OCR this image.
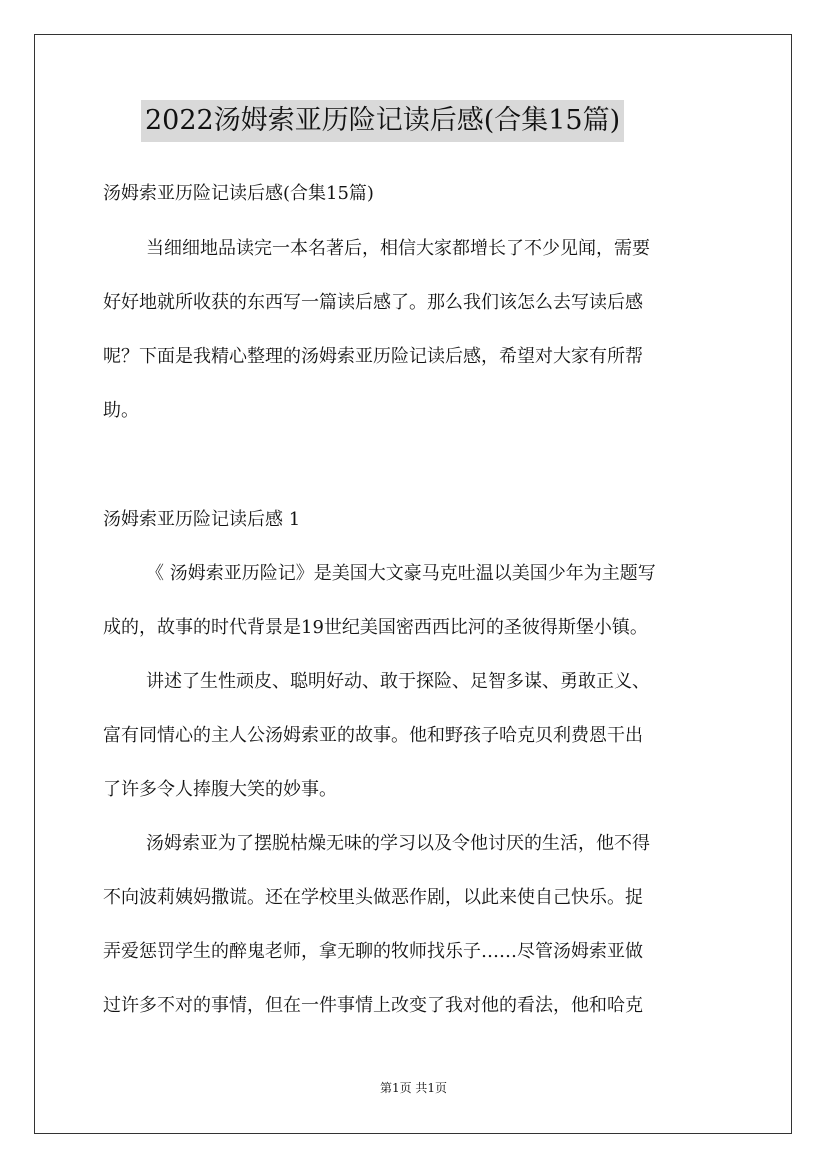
2022汤姆索亚历险记读后感(合集15篇)
汤姆索亚历险记读后感(合集15篇)
当细细地品读完一本名著后，相信大家都增长了不少见闻，需要
好好地就所收获的东西写一篇读后感了。那么我们该怎么去写读后感
呢？下面是我精心整理的汤姆索亚历险记读后感，希望对大家有所帮
助。
汤姆索亚历险记读后感 1
《 汤姆索亚历险记》是美国大文豪马克吐温以美国少年为主题写
成的，故事的时代背景是19世纪美国密西西比河的圣彼得斯堡小镇。
讲述了生性顽皮、聪明好动、敢于探险、足智多谋、勇敢正义、
富有同情心的主人公汤姆索亚的故事。他和野孩子哈克贝利费恩干出
了许多令人捧腹大笑的妙事。
汤姆索亚为了摆脱枯燥无味的学习以及令他讨厌的生活，他不得
不向波莉姨妈撒谎。还在学校里头做恶作剧，以此来使自己快乐。捉
弄爱惩罚学生的醉鬼老师，拿无聊的牧师找乐子……尽管汤姆索亚做
过许多不对的事情，但在一件事情上改变了我对他的看法，他和哈克
第1页 共1页
